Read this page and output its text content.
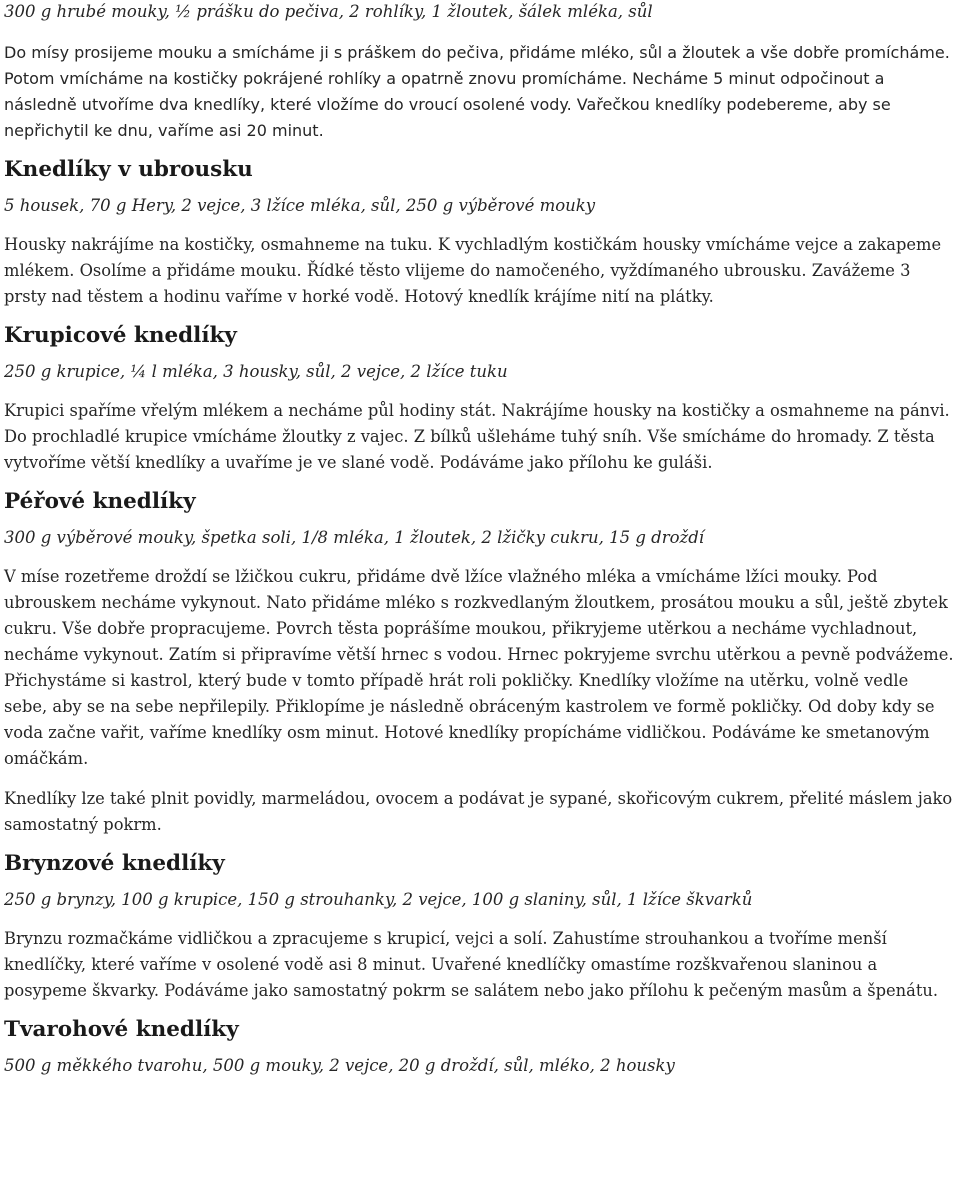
300 g hrubé mouky, ½ prášku do pečiva, 2 rohlíky, 1 žloutek, šálek mléka, sůl

Do mísy prosijeme mouku a smícháme ji s práškem do pečiva, přidáme mléko, sůl a žloutek a vše dobře promícháme. Potom vmícháme na kostičky pokrájené rohlíky a opatrně znovu promícháme. Necháme 5 minut odpočinout a následně utvoříme dva knedlíky, které vložíme do vroucí osolené vody. Vařečkou knedlíky podebereme, aby se nepřichytil ke dnu, vaříme asi 20 minut.

Knedlíky v ubrousku

5 housek, 70 g Hery, 2 vejce, 3 lžíce mléka, sůl, 250 g výběrové mouky

Housky nakrájíme na kostičky, osmahneme na tuku. K vychladlým kostičkám housky vmícháme vejce a zakapeme mlékem. Osolíme a přidáme mouku. Řídké těsto vlijeme do namočeného, vyždímaného ubrousku. Zavážeme 3 prsty nad těstem a hodinu vaříme v horké vodě. Hotový knedlík krájíme nití na plátky.

Krupicové knedlíky

250 g krupice, ¼ l mléka, 3 housky, sůl, 2 vejce, 2 lžíce tuku

Krupici spaříme vřelým mlékem a necháme půl hodiny stát. Nakrájíme housky na kostičky a osmahneme na pánvi. Do prochladlé krupice vmícháme žloutky z vajec. Z bílků ušleháme tuhý sníh. Vše smícháme do hromady. Z těsta vytvoříme větší knedlíky a uvaříme je ve slané vodě. Podáváme jako přílohu ke guláši.

Péřové knedlíky

300 g výběrové mouky, špetka soli, 1/8 mléka, 1 žloutek, 2 lžičky cukru, 15 g droždí

V míse rozetřeme droždí se lžičkou cukru, přidáme dvě lžíce vlažného mléka a vmícháme lžíci mouky. Pod ubrouskem necháme vykynout. Nato přidáme mléko s rozkvedlaným žloutkem, prosátou mouku a sůl, ještě zbytek cukru. Vše dobře propracujeme. Povrch těsta poprášíme moukou, přikryjeme utěrkou a necháme vychladnout, necháme vykynout. Zatím si připravíme větší hrnec s vodou. Hrnec pokryjeme svrchu utěrkou a pevně podvážeme. Přichystáme si kastrol, který bude v tomto případě hrát roli pokličky. Knedlíky vložíme na utěrku, volně vedle sebe, aby se na sebe nepřilepily. Přiklopíme je následně obráceným kastrolem ve formě pokličky. Od doby kdy se voda začne vařit, vaříme knedlíky osm minut. Hotové knedlíky propícháme vidličkou. Podáváme ke smetanovým omáčkám.

Knedlíky lze také plnit povidly, marmeládou, ovocem a podávat je sypané, skořicovým cukrem, přelité máslem jako samostatný pokrm.

Brynzové knedlíky

250 g brynzy, 100 g krupice, 150 g strouhanky, 2 vejce, 100 g slaniny, sůl, 1 lžíce škvarků

Brynzu rozmačkáme vidličkou a zpracujeme s krupicí, vejci a solí. Zahustíme strouhankou a tvoříme menší knedlíčky, které vaříme v osolené vodě asi 8 minut. Uvařené knedlíčky omastíme rozškvařenou slaninou a posypeme škvarky. Podáváme jako samostatný pokrm se salátem nebo jako přílohu k pečeným masům a špenátu.

Tvarohové knedlíky

500 g měkkého tvarohu, 500 g mouky, 2 vejce, 20 g droždí, sůl, mléko, 2 housky
